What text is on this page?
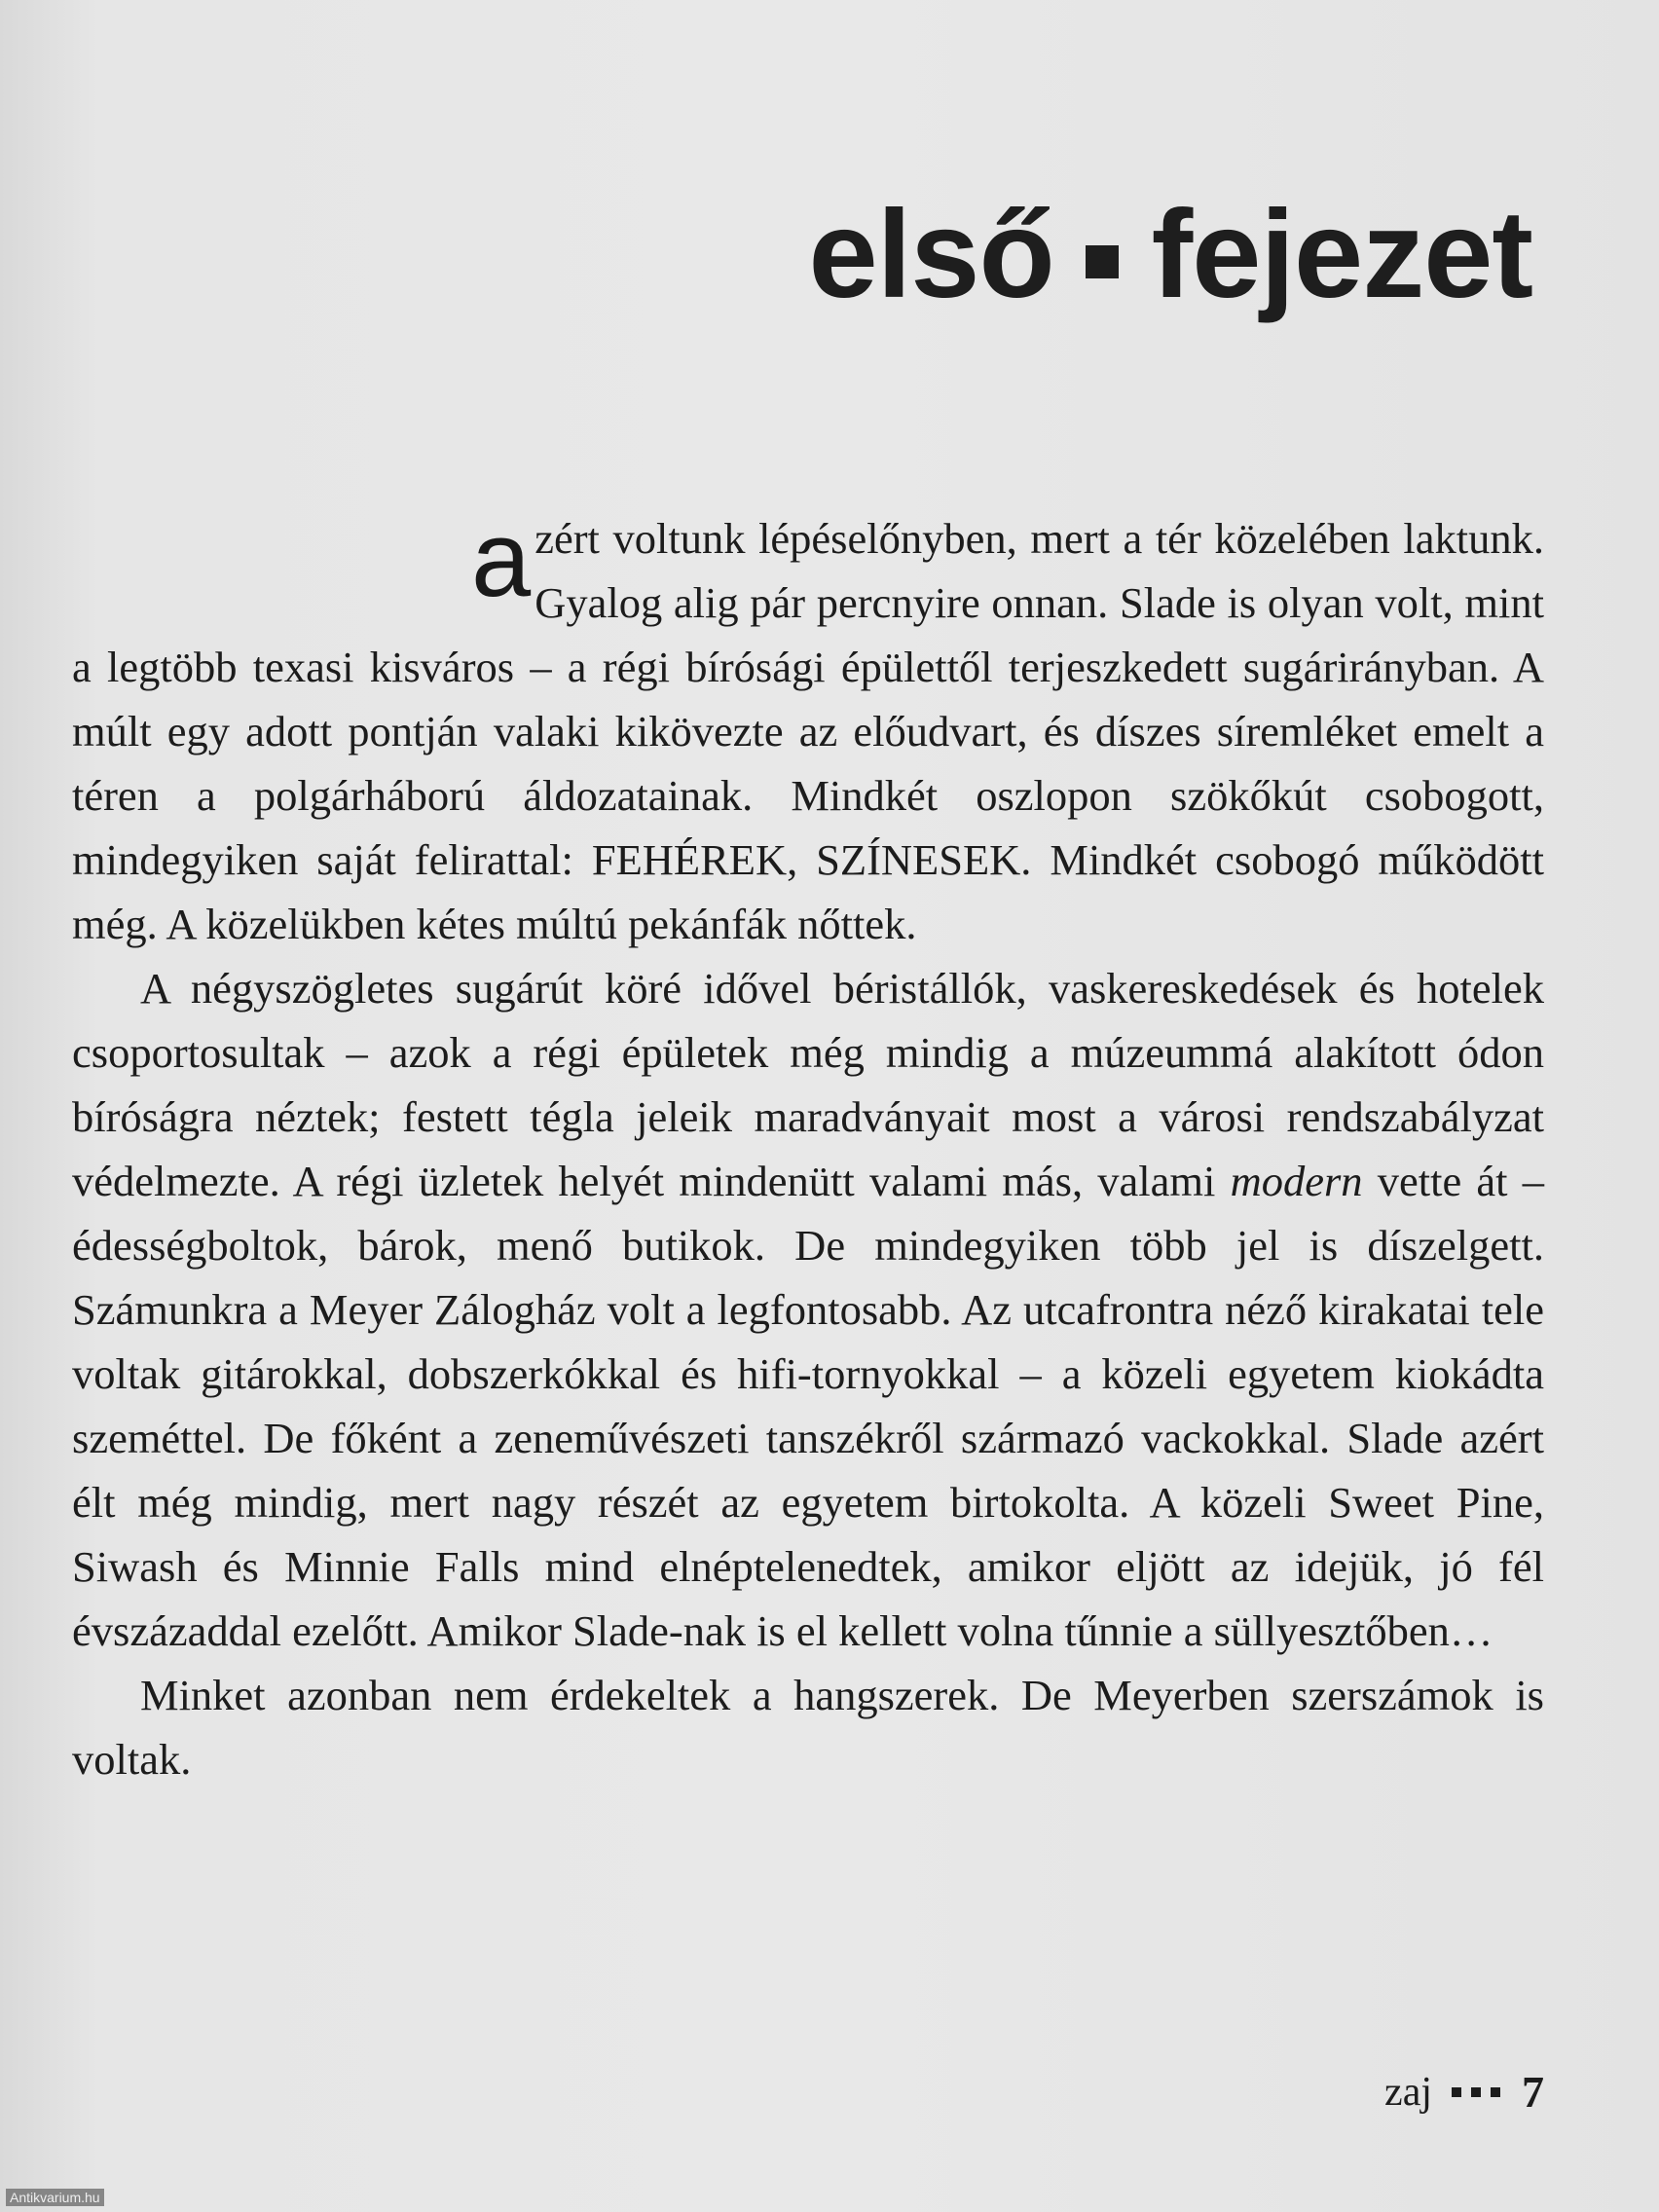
első fejezet

azért voltunk lépéselőnyben, mert a tér közelében laktunk. Gyalog alig pár percnyire onnan. Slade is olyan volt, mint a legtöbb texasi kisváros – a régi bírósági épülettől terjeszkedett sugárirányban. A múlt egy adott pontján valaki kikövezte az előudvart, és díszes síremléket emelt a téren a polgárháború áldozatainak. Mindkét oszlopon szökőkút csobogott, mindegyiken saját felirattal: FEHÉREK, SZÍNESEK. Mindkét csobogó működött még. A közelükben kétes múltú pekánfák nőttek.

A négyszögletes sugárút köré idővel béristállók, vaskereskedések és hotelek csoportosultak – azok a régi épületek még mindig a múzeummá alakított ódon bíróságra néztek; festett tégla jeleik maradványait most a városi rendszabályzat védelmezte. A régi üzletek helyét mindenütt valami más, valami modern vette át – édességboltok, bárok, menő butikok. De mindegyiken több jel is díszelgett. Számunkra a Meyer Zálogház volt a legfontosabb. Az utcafrontra néző kirakatai tele voltak gitárokkal, dobszerkókkal és hifi-tornyokkal – a közeli egyetem kiokádta szeméttel. De főként a zeneművészeti tanszékről származó vackokkal. Slade azért élt még mindig, mert nagy részét az egyetem birtokolta. A közeli Sweet Pine, Siwash és Minnie Falls mind elnéptelenedtek, amikor eljött az idejük, jó fél évszázaddal ezelőtt. Amikor Slade-nak is el kellett volna tűnnie a süllyesztőben…

Minket azonban nem érdekeltek a hangszerek. De Meyerben szerszámok is voltak.

zaj 7
Antikvarium.hu
